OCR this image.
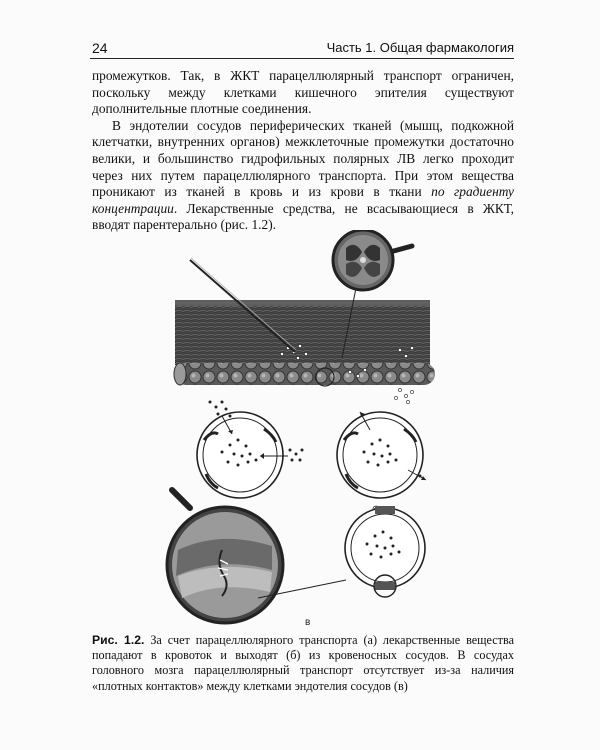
24	Часть 1. Общая фармакология

промежутков. Так, в ЖКТ парацеллюлярный транспорт ограничен, поскольку между клетками кишечного эпителия существуют дополнительные плотные соединения.

В эндотелии сосудов периферических тканей (мышц, подкожной клетчатки, внутренних органов) межклеточные промежутки достаточно велики, и большинство гидрофильных полярных ЛВ легко проходит через них путем парацеллюлярного транспорта. При этом вещества проникают из тканей в кровь и из крови в ткани по градиенту концентрации. Лекарственные средства, не всасывающиеся в ЖКТ, вводят парентерально (рис. 1.2).

в
Рис. 1.2. За счет парацеллюлярного транспорта (а) лекарственные вещества попадают в кровоток и выходят (б) из кровеносных сосудов. В сосудах головного мозга парацеллюлярный транспорт отсутствует из-за наличия «плотных контактов» между клетками эндотелия сосудов (в)
